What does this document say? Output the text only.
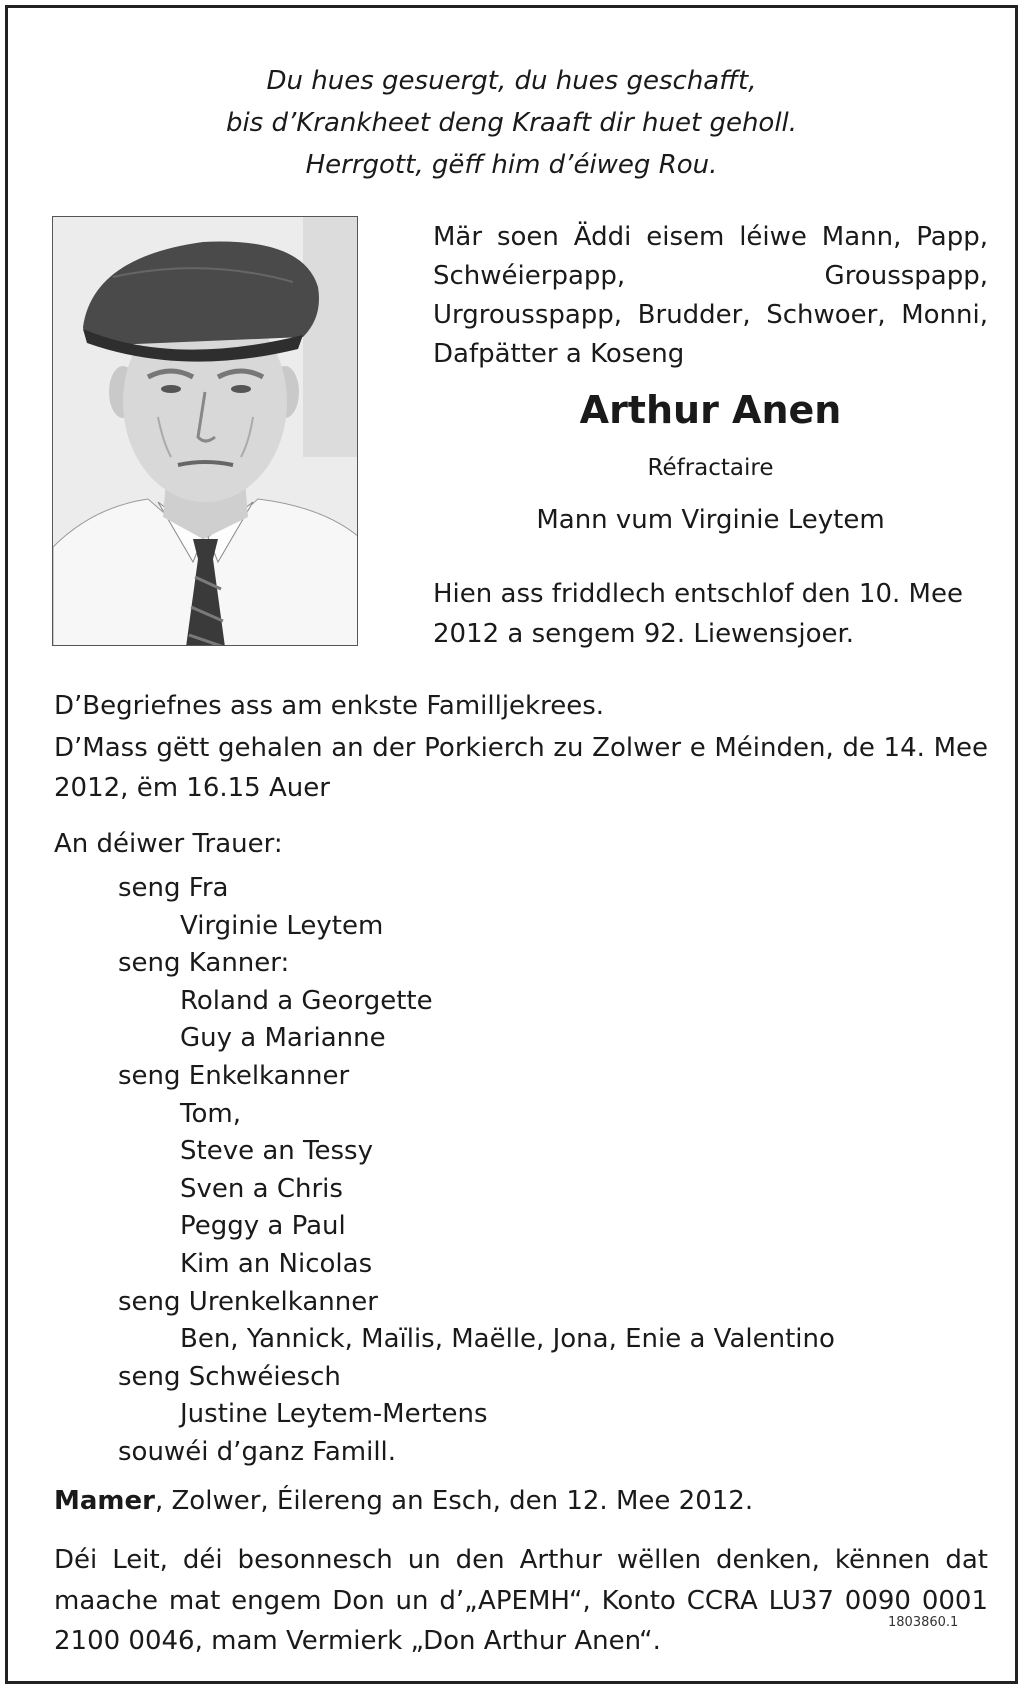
Du hues gesuergt, du hues geschafft,
bis d’Krankheet deng Kraaft dir huet geholl.
Herrgott, gëff him d’éiweg Rou.
Mär soen Äddi eisem léiwe Mann, Papp, Schwéierpapp, Grousspapp, Urgrousspapp, Brudder, Schwoer, Monni, Dafpätter a Koseng
Arthur Anen
Réfractaire
Mann vum Virginie Leytem
Hien ass friddlech entschlof den 10. Mee 2012 a sengem 92. Liewensjoer.
D’Begriefnes ass am enkste Familljekrees.
D’Mass gëtt gehalen an der Porkierch zu Zolwer e Méinden, de 14. Mee 2012, ëm 16.15 Auer
An déiwer Trauer:
seng Fra
Virginie Leytem
seng Kanner:
Roland a Georgette
Guy a Marianne
seng Enkelkanner
Tom,
Steve an Tessy
Sven a Chris
Peggy a Paul
Kim an Nicolas
seng Urenkelkanner
Ben, Yannick, Maïlis, Maëlle, Jona, Enie a Valentino
seng Schwéiesch
Justine Leytem-Mertens
souwéi d’ganz Famill.
Mamer, Zolwer, Éilereng an Esch, den 12. Mee 2012.
Déi Leit, déi besonnesch un den Arthur wëllen denken, kënnen dat maache mat engem Don un d’„APEMH“, Konto CCRA LU37 0090 0001 2100 0046, mam Vermierk „Don Arthur Anen“.
1803860.1
